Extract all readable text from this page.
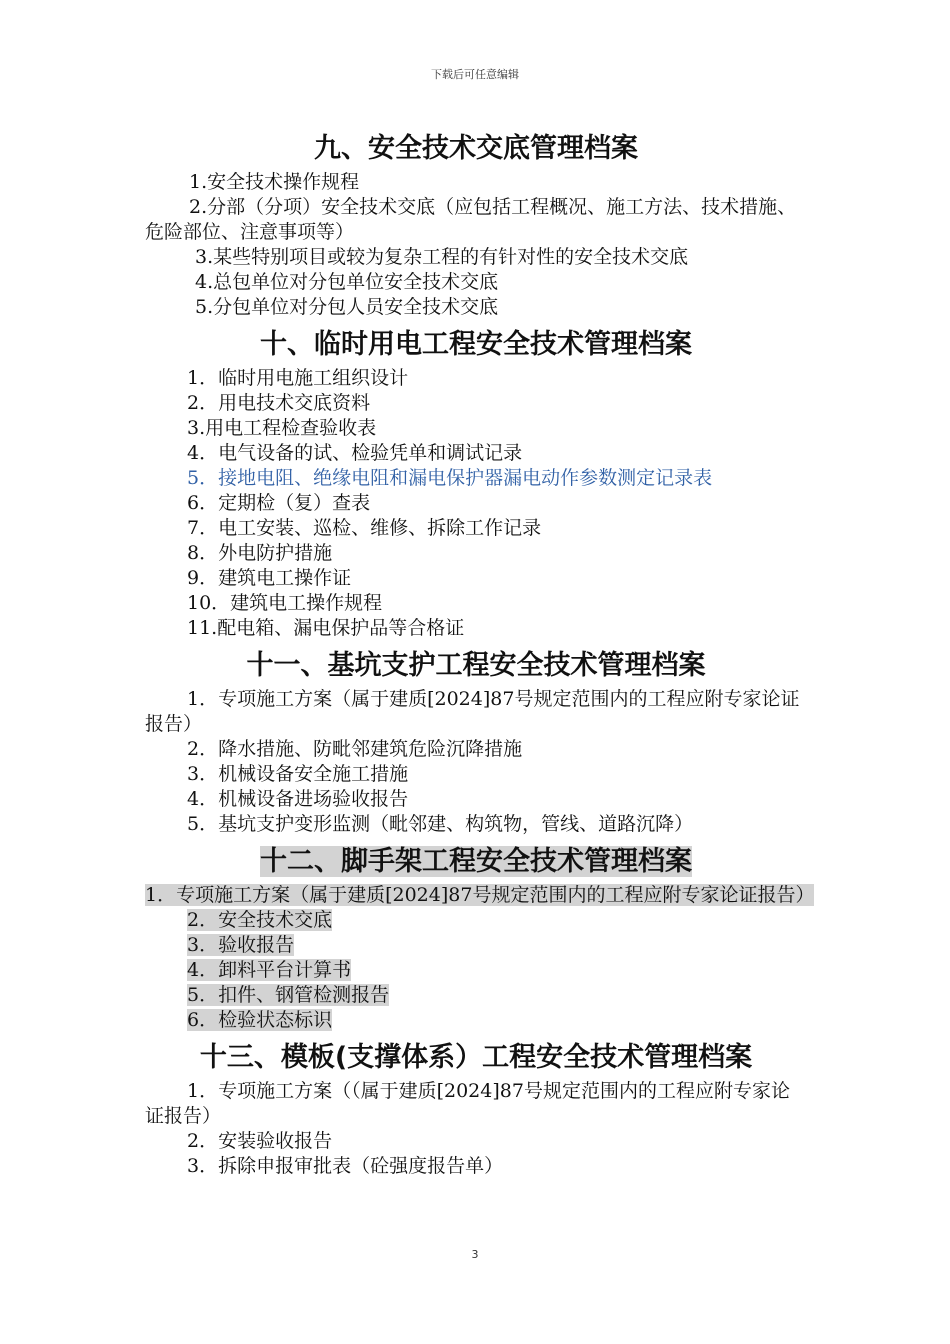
下载后可任意编辑
九、安全技术交底管理档案
1.安全技术操作规程
2.分部（分项）安全技术交底（应包括工程概况、施工方法、技术措施、危险部位、注意事项等）
3.某些特别项目或较为复杂工程的有针对性的安全技术交底
4.总包单位对分包单位安全技术交底
5.分包单位对分包人员安全技术交底
十、临时用电工程安全技术管理档案
1．临时用电施工组织设计
2．用电技术交底资料
3.用电工程检查验收表
4．电气设备的试、检验凭单和调试记录
5．接地电阻、绝缘电阻和漏电保护器漏电动作参数测定记录表
6．定期检（复）查表
7．电工安装、巡检、维修、拆除工作记录
8．外电防护措施
9．建筑电工操作证
10．建筑电工操作规程
11.配电箱、漏电保护品等合格证
十一、基坑支护工程安全技术管理档案
1．专项施工方案（属于建质[2024]87号规定范围内的工程应附专家论证报告）
2．降水措施、防毗邻建筑危险沉降措施
3．机械设备安全施工措施
4．机械设备进场验收报告
5．基坑支护变形监测（毗邻建、构筑物，管线、道路沉降）
十二、脚手架工程安全技术管理档案
1．专项施工方案（属于建质[2024]87号规定范围内的工程应附专家论证报告）
2．安全技术交底
3．验收报告
4．卸料平台计算书
5．扣件、钢管检测报告
6．检验状态标识
十三、模板(支撑体系）工程安全技术管理档案
1．专项施工方案（（属于建质[2024]87号规定范围内的工程应附专家论证报告）
2．安装验收报告
3．拆除申报审批表（砼强度报告单）
3
